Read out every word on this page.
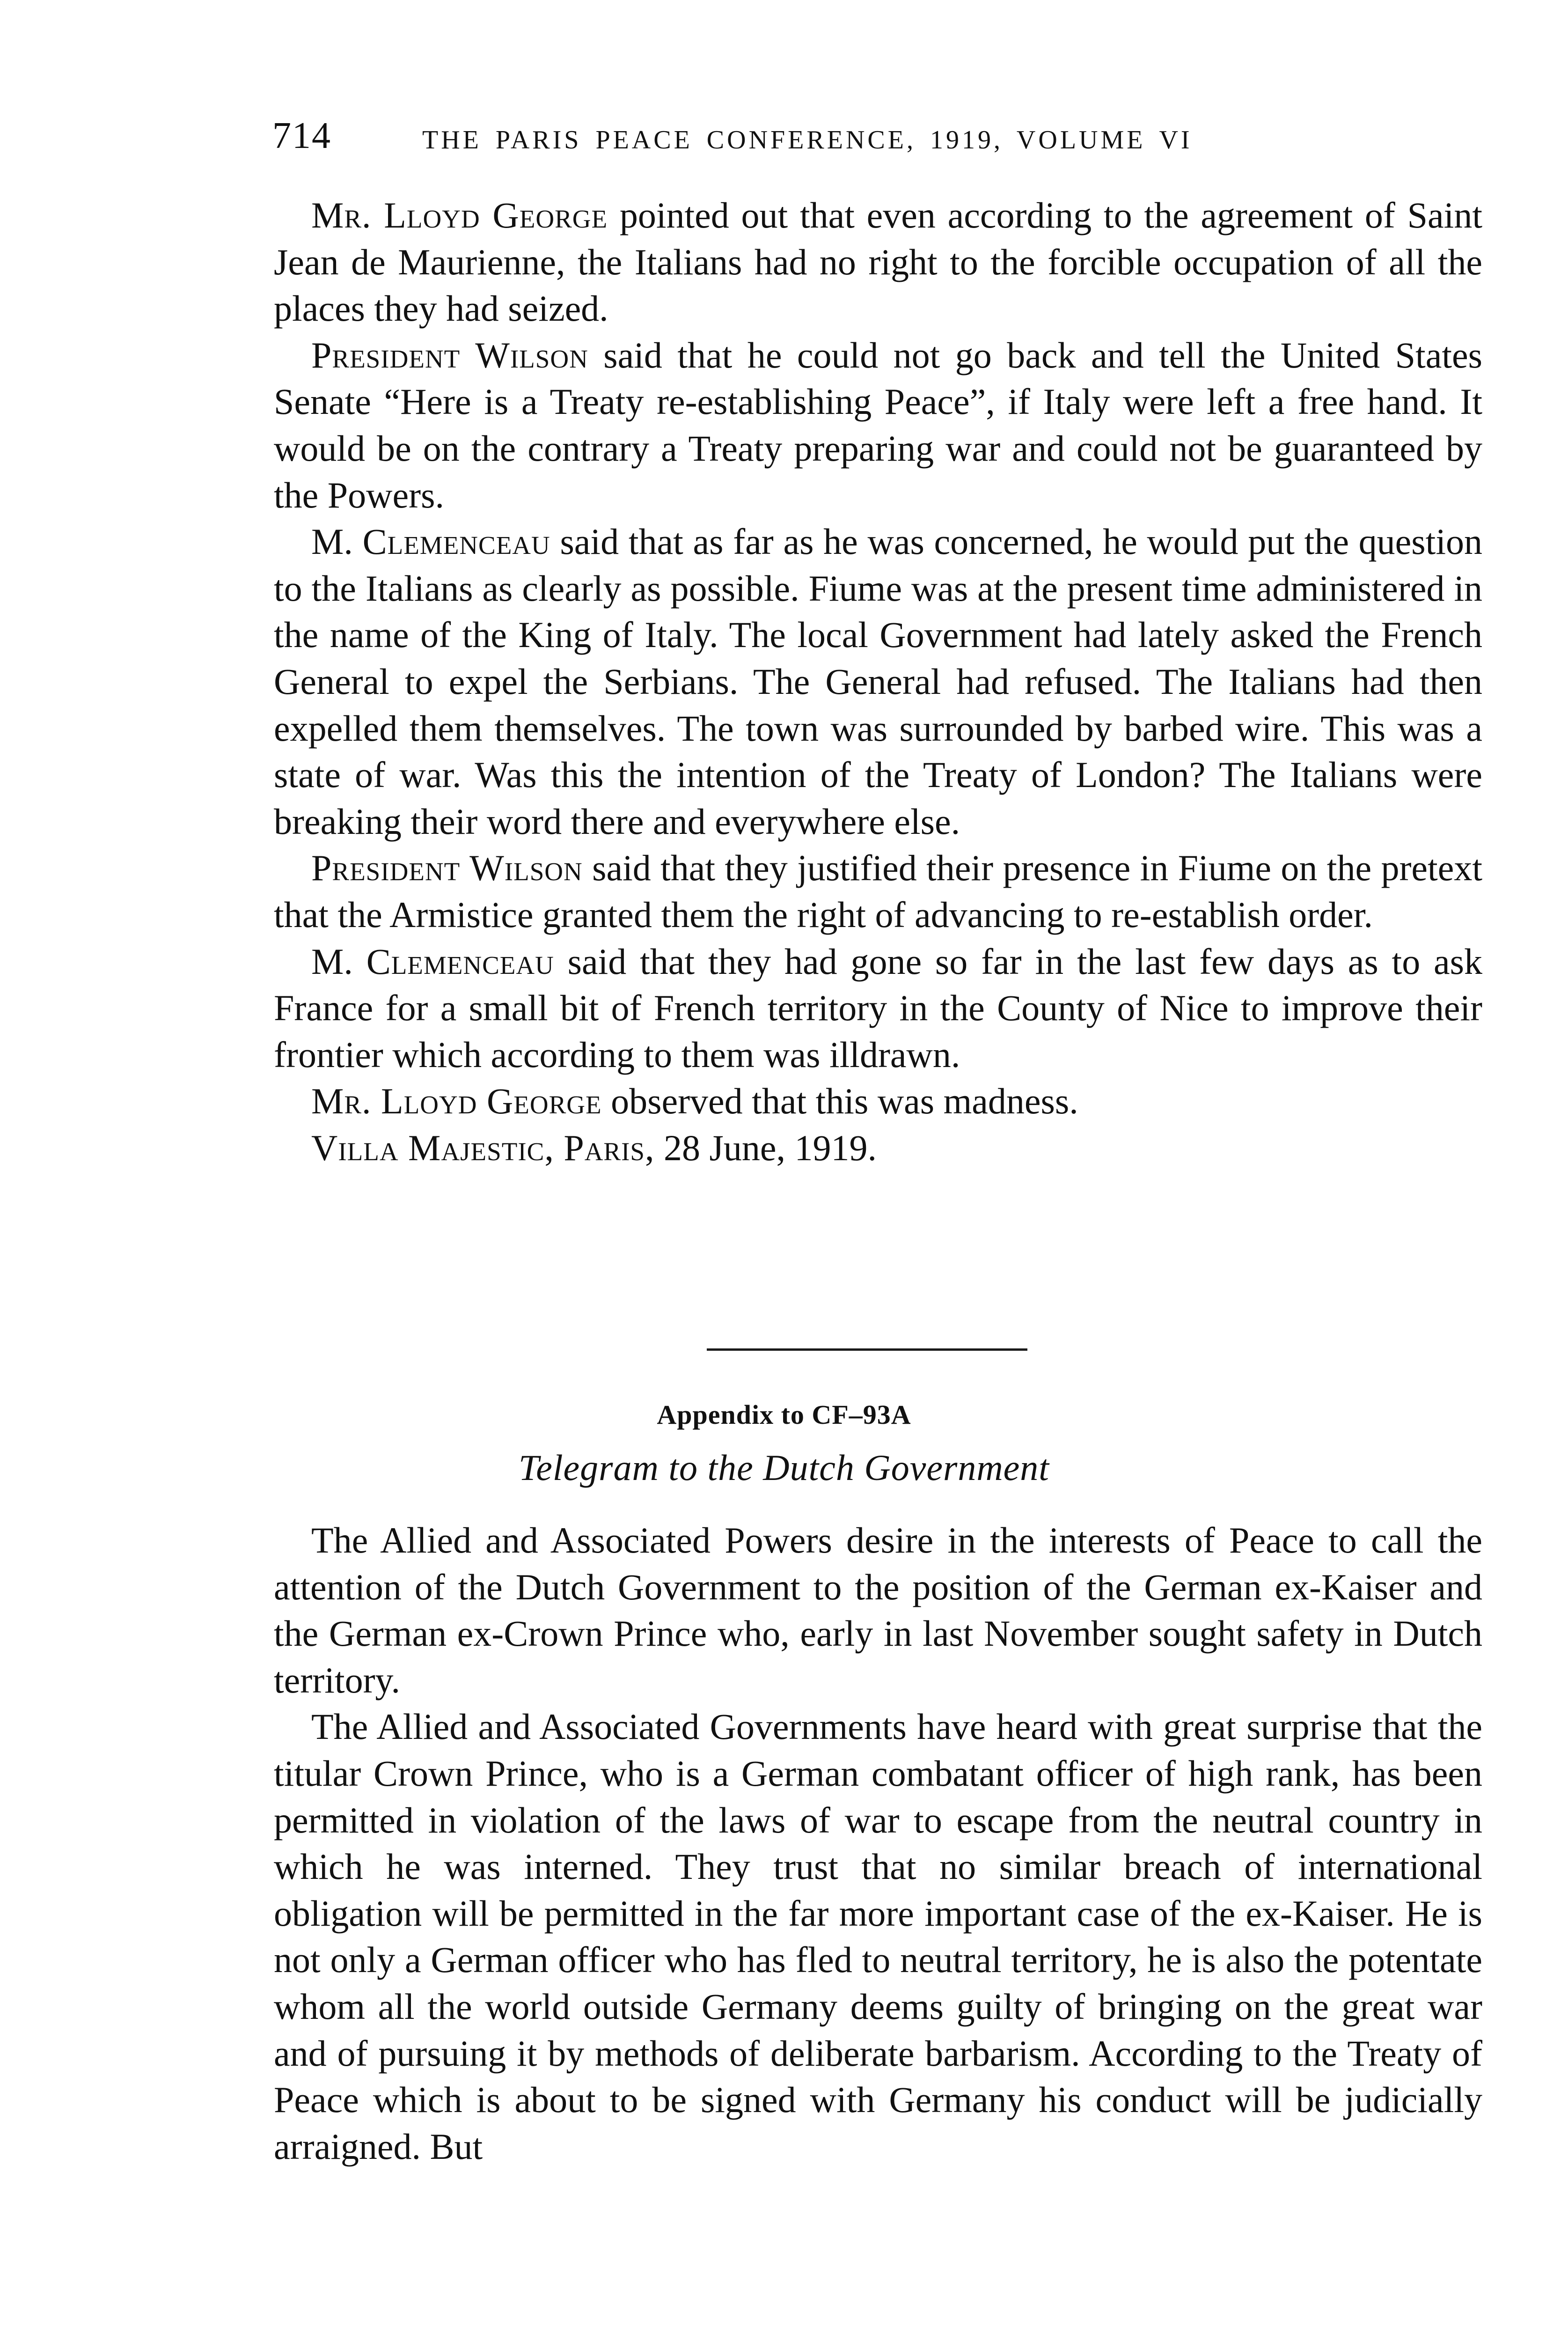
714	THE PARIS PEACE CONFERENCE, 1919, VOLUME VI

Mr. Lloyd George pointed out that even according to the agreement of Saint Jean de Maurienne, the Italians had no right to the forcible occupation of all the places they had seized.

President Wilson said that he could not go back and tell the United States Senate “Here is a Treaty re-establishing Peace”, if Italy were left a free hand. It would be on the contrary a Treaty preparing war and could not be guaranteed by the Powers.

M. Clemenceau said that as far as he was concerned, he would put the question to the Italians as clearly as possible. Fiume was at the present time administered in the name of the King of Italy. The local Government had lately asked the French General to expel the Serbians. The General had refused. The Italians had then expelled them themselves. The town was surrounded by barbed wire. This was a state of war. Was this the intention of the Treaty of London? The Italians were breaking their word there and everywhere else.

President Wilson said that they justified their presence in Fiume on the pretext that the Armistice granted them the right of advancing to re-establish order.

M. Clemenceau said that they had gone so far in the last few days as to ask France for a small bit of French territory in the County of Nice to improve their frontier which according to them was illdrawn.

Mr. Lloyd George observed that this was madness.

Villa Majestic, Paris, 28 June, 1919.

Appendix to CF–93A
Telegram to the Dutch Government

The Allied and Associated Powers desire in the interests of Peace to call the attention of the Dutch Government to the position of the German ex-Kaiser and the German ex-Crown Prince who, early in last November sought safety in Dutch territory.

The Allied and Associated Governments have heard with great surprise that the titular Crown Prince, who is a German combatant officer of high rank, has been permitted in violation of the laws of war to escape from the neutral country in which he was interned. They trust that no similar breach of international obligation will be permitted in the far more important case of the ex-Kaiser. He is not only a German officer who has fled to neutral territory, he is also the potentate whom all the world outside Germany deems guilty of bringing on the great war and of pursuing it by methods of deliberate barbarism. According to the Treaty of Peace which is about to be signed with Germany his conduct will be judicially arraigned. But
